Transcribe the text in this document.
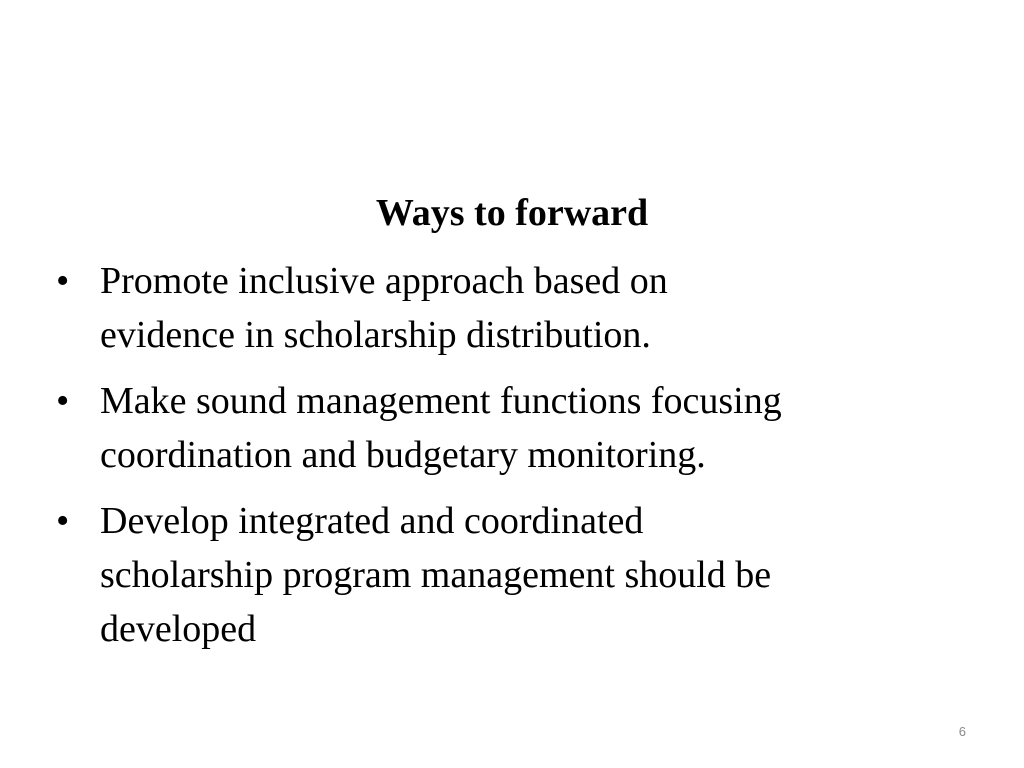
Ways to forward
• Promote inclusive approach based on
evidence in scholarship distribution.
• Make sound management functions focusing
coordination and budgetary monitoring.
• Develop integrated and coordinated
scholarship program management should be
developed
6
